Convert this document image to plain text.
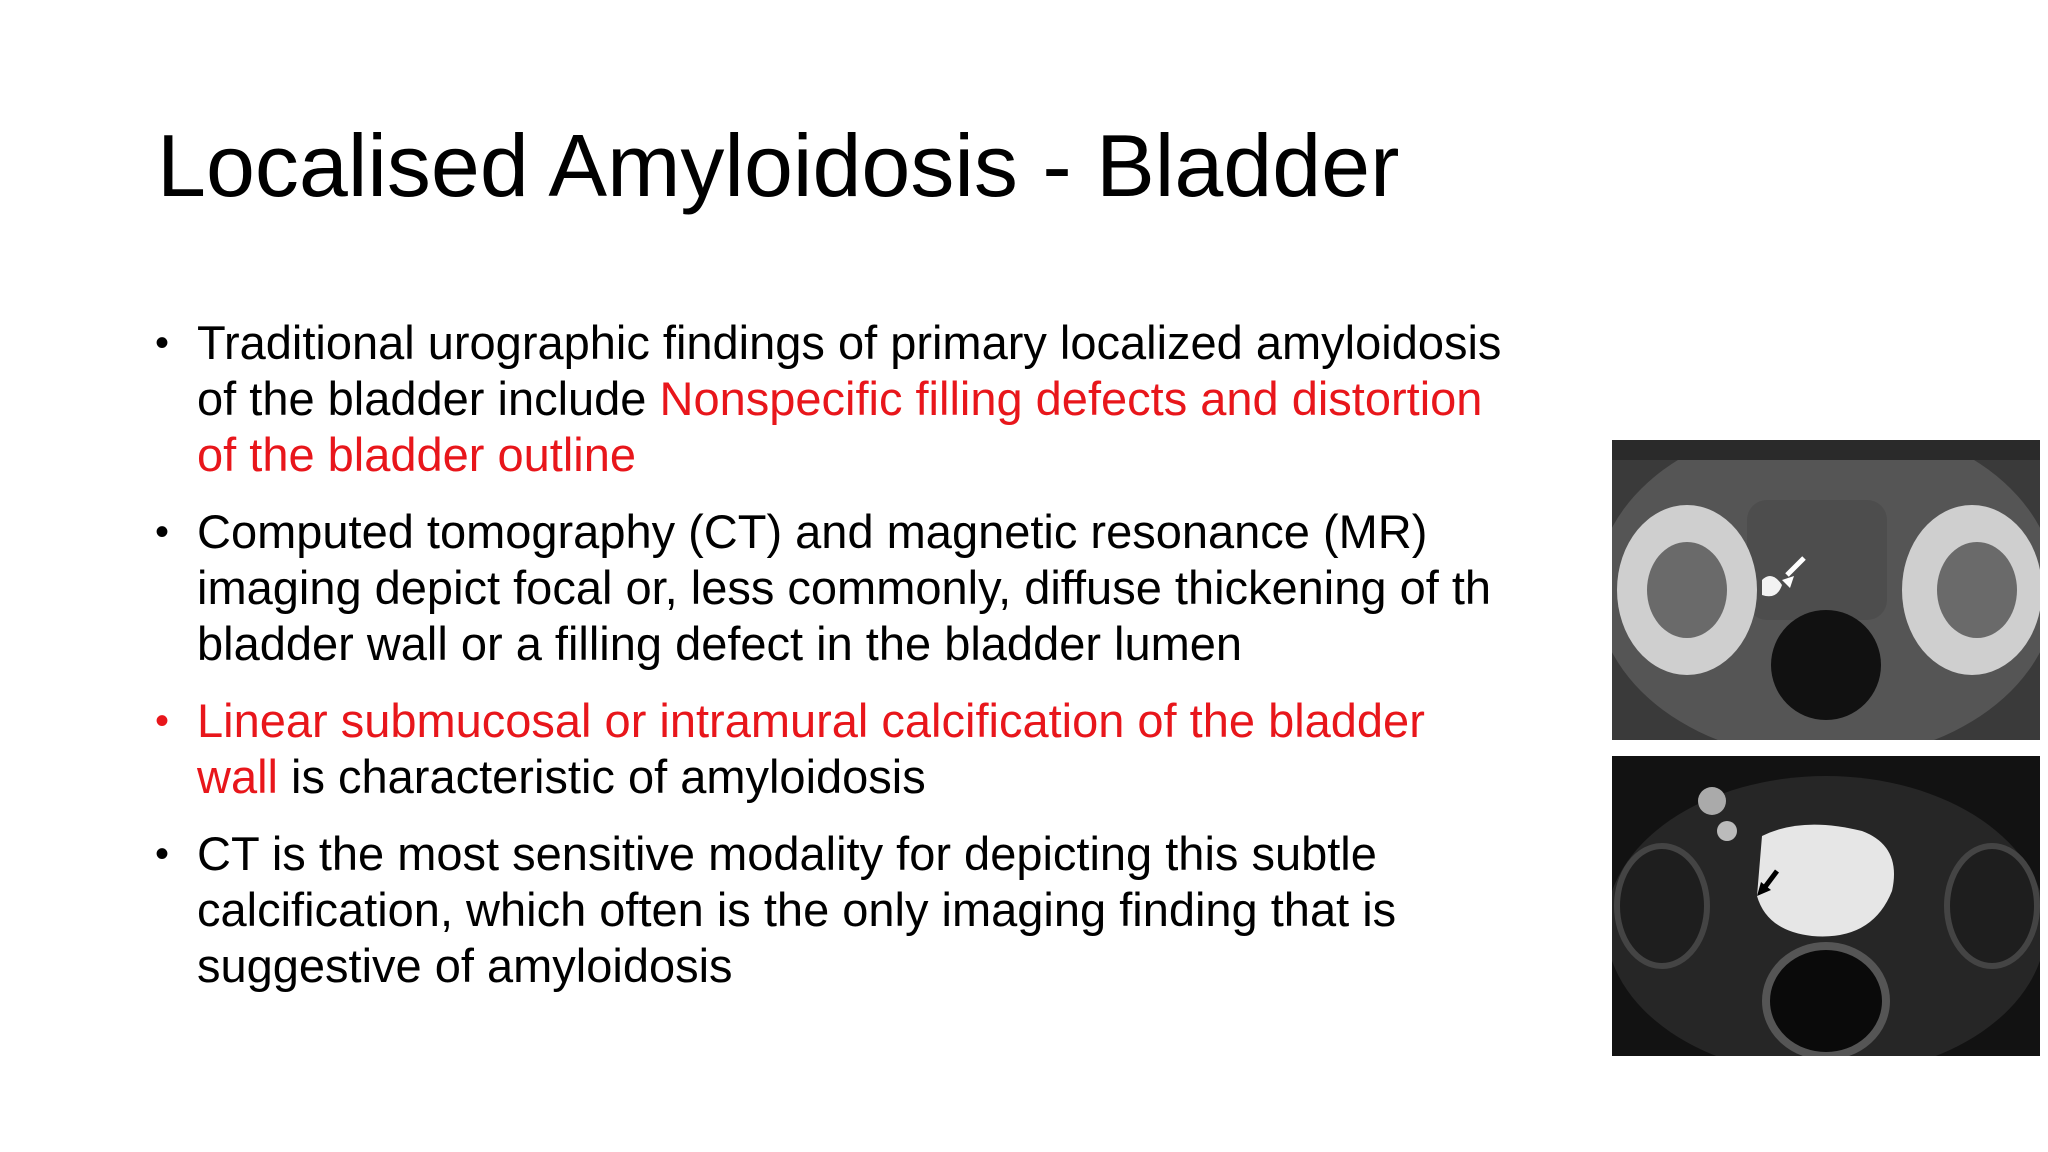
Localised Amyloidosis - Bladder
• Traditional urographic findings of primary localized amyloidosis
of the bladder include Nonspecific filling defects and distortion
of the bladder outline
• Computed tomography (CT) and magnetic resonance (MR)
imaging depict focal or, less commonly, diffuse thickening of th
bladder wall or a filling defect in the bladder lumen
• Linear submucosal or intramural calcification of the bladder
wall is characteristic of amyloidosis
• CT is the most sensitive modality for depicting this subtle
calcification, which often is the only imaging finding that is
suggestive of amyloidosis
